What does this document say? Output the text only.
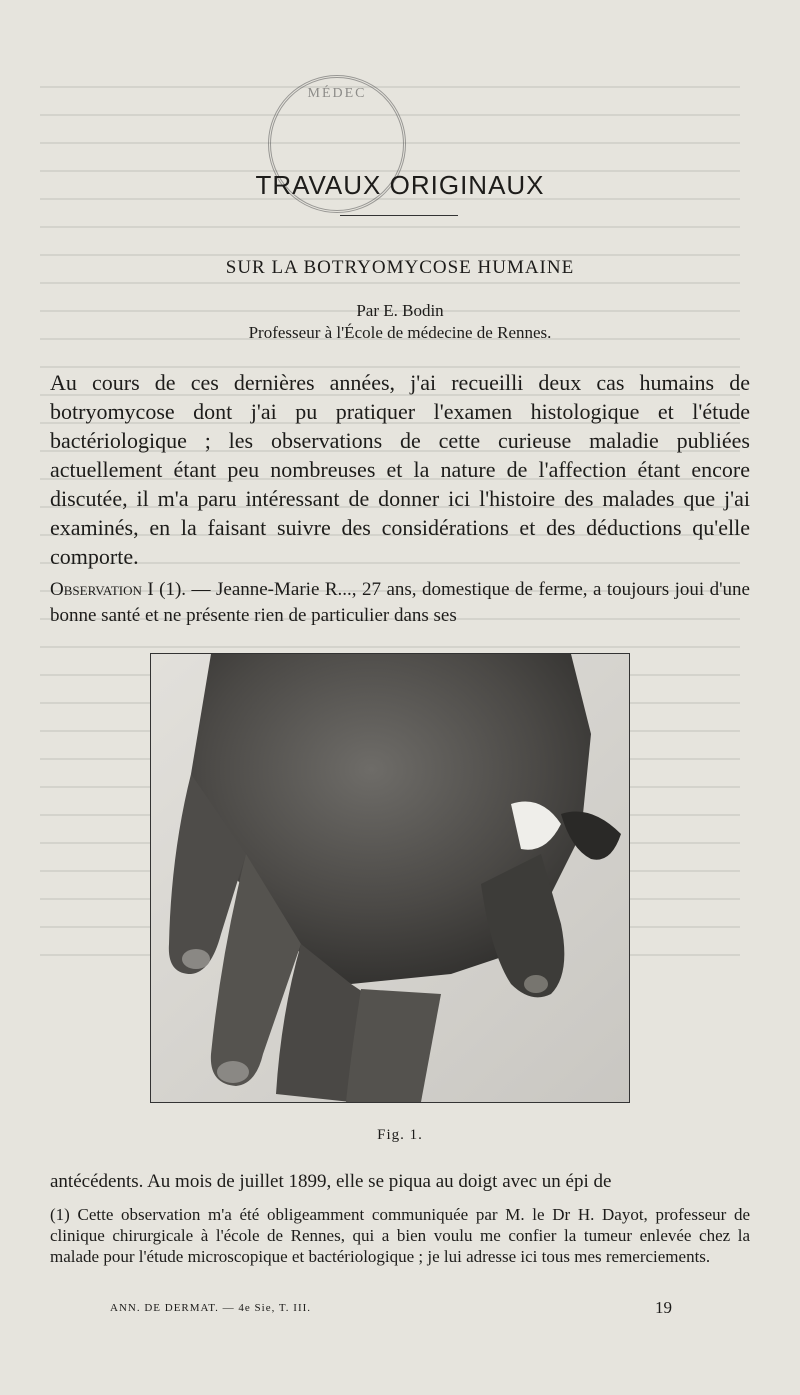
MÉDEC
TRAVAUX ORIGINAUX
SUR LA BOTRYOMYCOSE HUMAINE
Par E. Bodin
Professeur à l'École de médecine de Rennes.
Au cours de ces dernières années, j'ai recueilli deux cas humains de botryomycose dont j'ai pu pratiquer l'examen histologique et l'étude bactériologique ; les observations de cette curieuse maladie publiées actuellement étant peu nombreuses et la nature de l'affection étant encore discutée, il m'a paru intéressant de donner ici l'histoire des malades que j'ai examinés, en la faisant suivre des considérations et des déductions qu'elle comporte.
Observation I (1). — Jeanne-Marie R..., 27 ans, domestique de ferme, a toujours joui d'une bonne santé et ne présente rien de particulier dans ses
Fig. 1.
antécédents. Au mois de juillet 1899, elle se piqua au doigt avec un épi de
(1) Cette observation m'a été obligeamment communiquée par M. le Dr H. Dayot, professeur de clinique chirurgicale à l'école de Rennes, qui a bien voulu me confier la tumeur enlevée chez la malade pour l'étude microscopique et bactériologique ; je lui adresse ici tous mes remerciements.
ANN. DE DERMAT. — 4e Sie, T. III.	19
